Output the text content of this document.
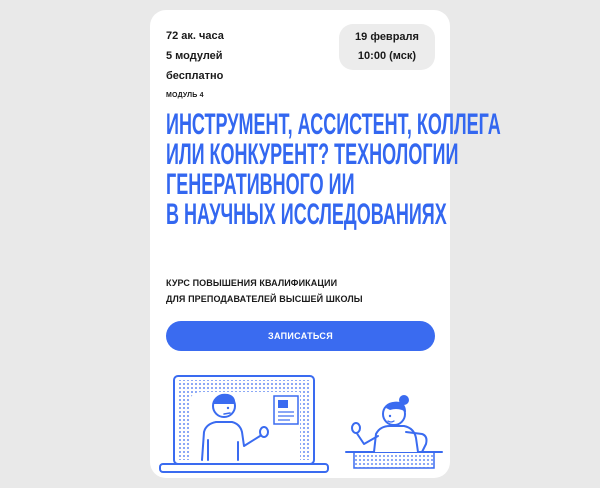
72 ак. часа
5 модулей
бесплатно
19 февраля
10:00 (мск)
МОДУЛЬ 4
ИНСТРУМЕНТ, АССИСТЕНТ, КОЛЛЕГА
ИЛИ КОНКУРЕНТ? ТЕХНОЛОГИИ
ГЕНЕРАТИВНОГО ИИ
В НАУЧНЫХ ИССЛЕДОВАНИЯХ
КУРС ПОВЫШЕНИЯ КВАЛИФИКАЦИИ
ДЛЯ ПРЕПОДАВАТЕЛЕЙ ВЫСШЕЙ ШКОЛЫ
ЗАПИСАТЬСЯ
